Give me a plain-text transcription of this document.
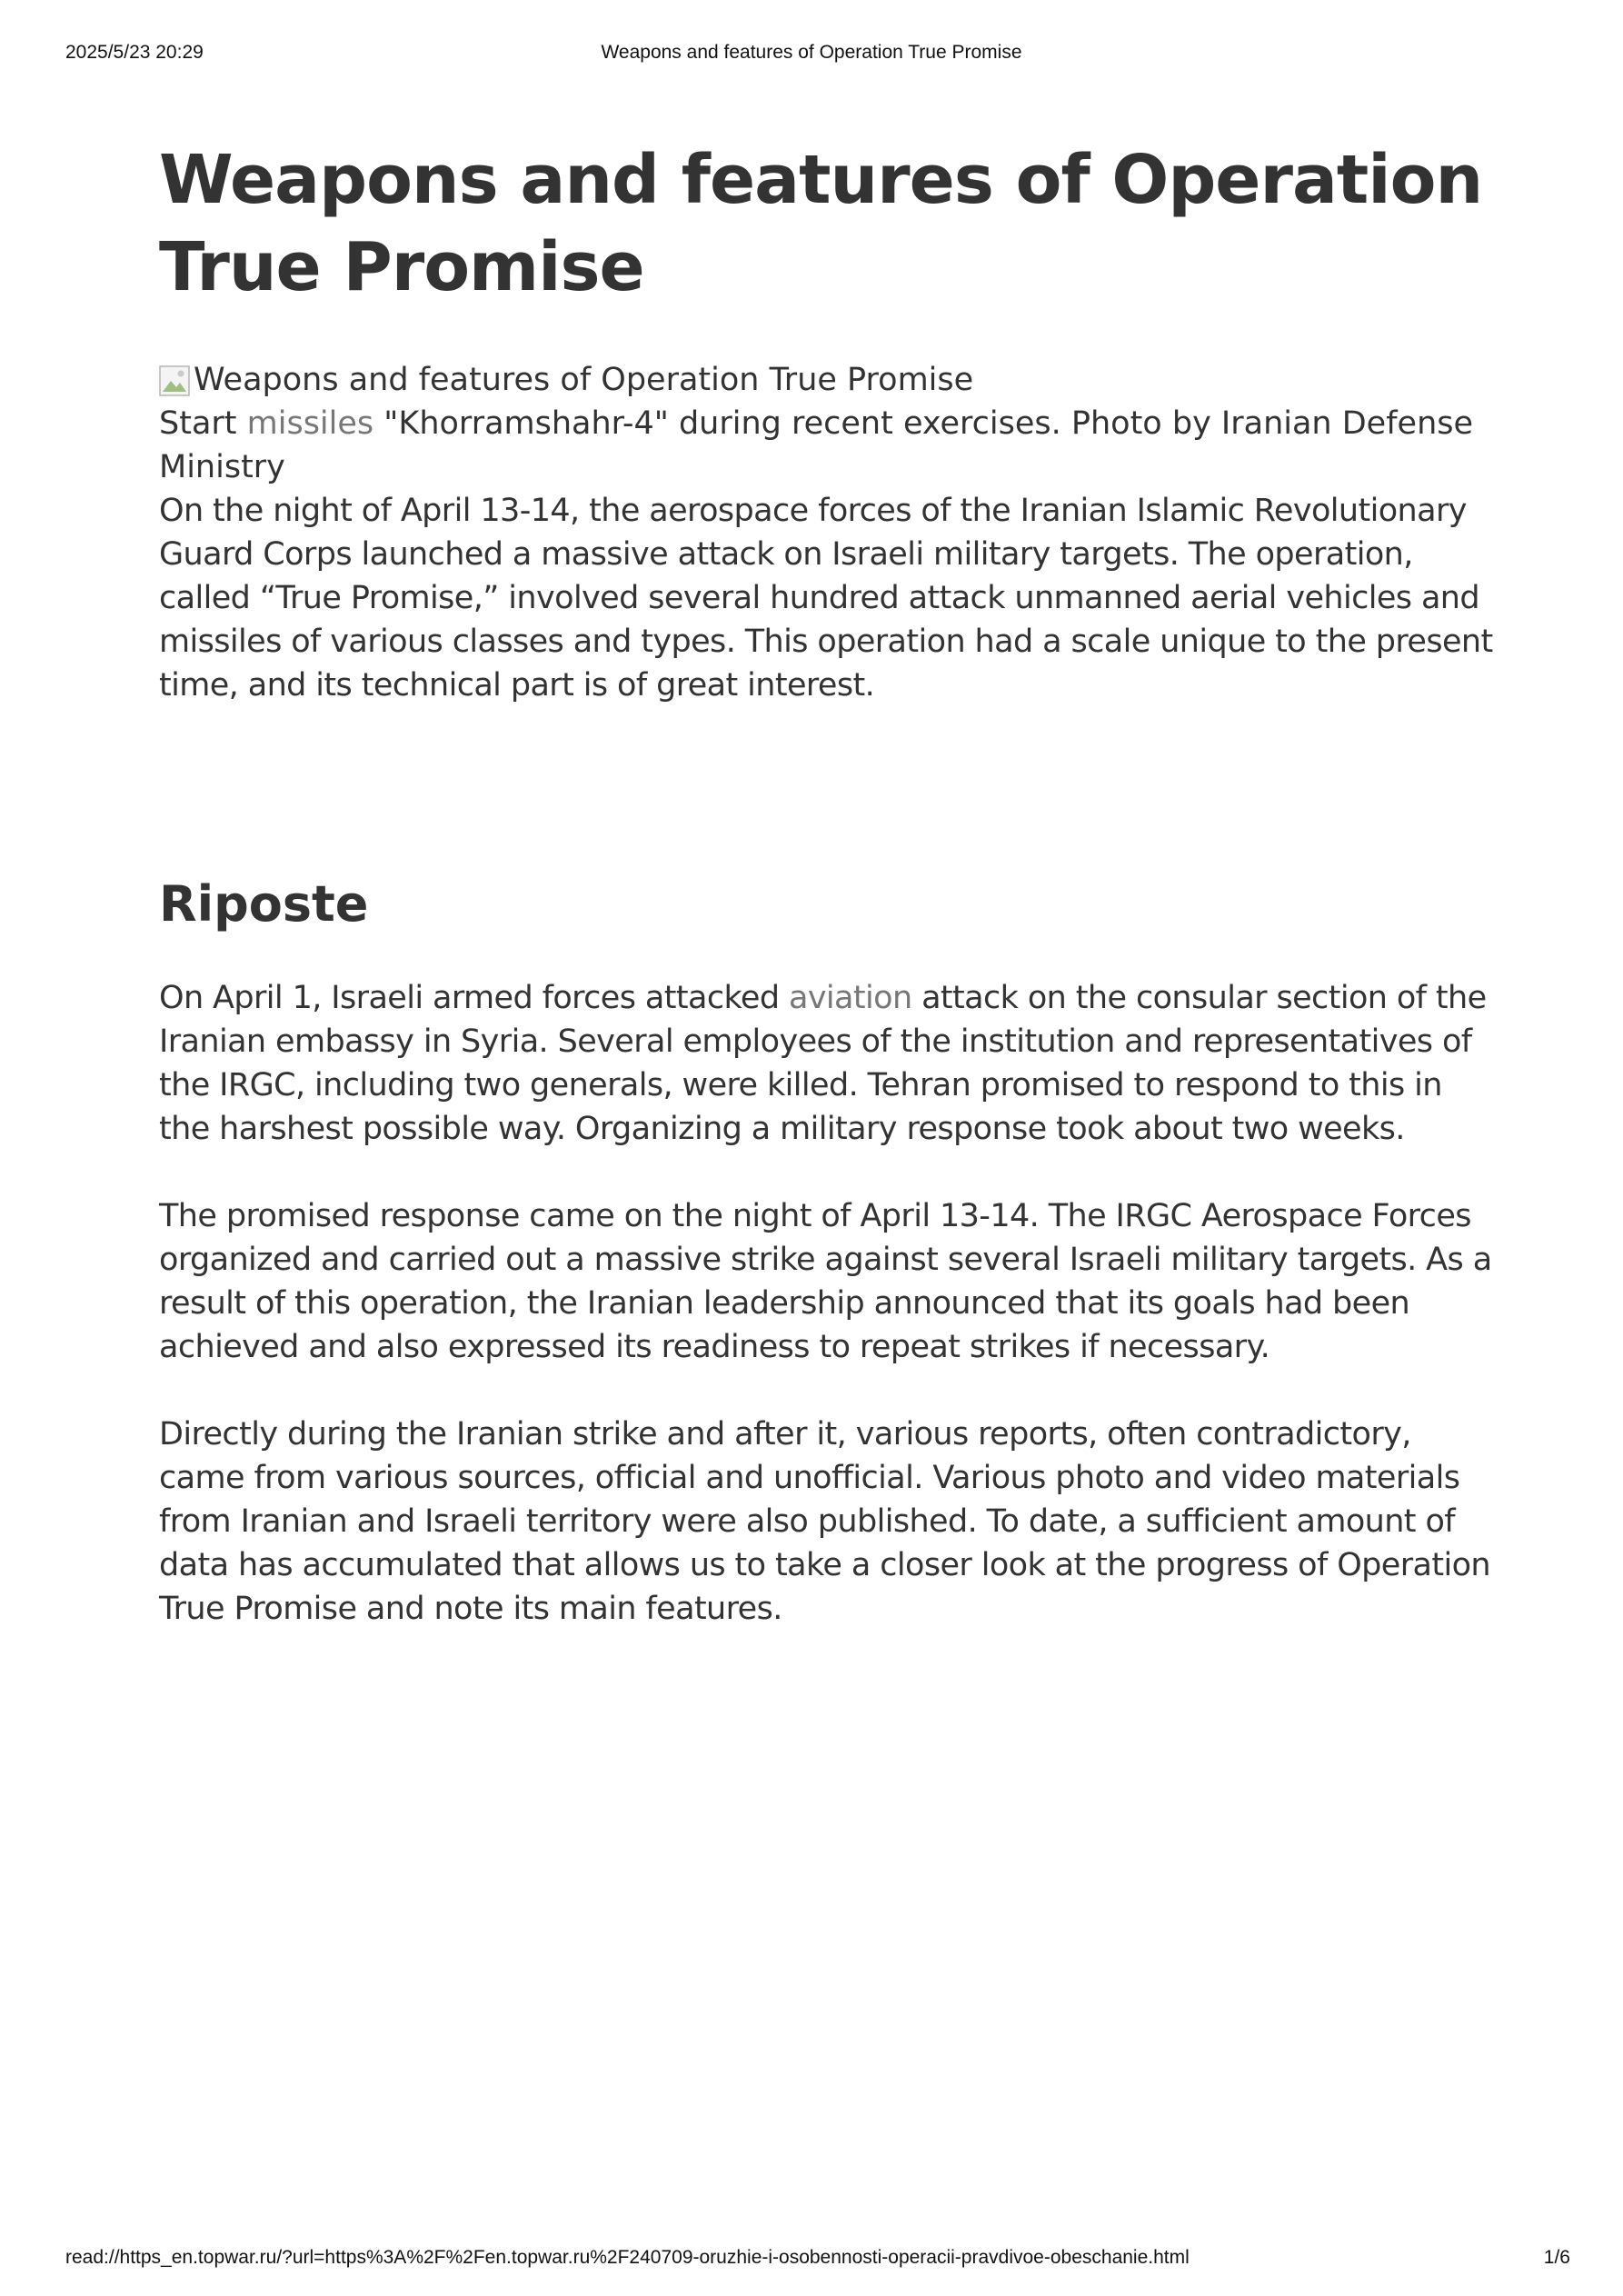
2025/5/23 20:29	Weapons and features of Operation True Promise
Weapons and features of Operation True Promise
Weapons and features of Operation True Promise

Start missiles "Khorramshahr-4" during recent exercises. Photo by Iranian Defense Ministry

On the night of April 13-14, the aerospace forces of the Iranian Islamic Revolutionary Guard Corps launched a massive attack on Israeli military targets. The operation, called “True Promise,” involved several hundred attack unmanned aerial vehicles and missiles of various classes and types. This operation had a scale unique to the present time, and its technical part is of great interest.

Riposte

On April 1, Israeli armed forces attacked aviation attack on the consular section of the Iranian embassy in Syria. Several employees of the institution and representatives of the IRGC, including two generals, were killed. Tehran promised to respond to this in the harshest possible way. Organizing a military response took about two weeks.

The promised response came on the night of April 13-14. The IRGC Aerospace Forces organized and carried out a massive strike against several Israeli military targets. As a result of this operation, the Iranian leadership announced that its goals had been achieved and also expressed its readiness to repeat strikes if necessary.

Directly during the Iranian strike and after it, various reports, often contradictory, came from various sources, official and unofficial. Various photo and video materials from Iranian and Israeli territory were also published. To date, a sufficient amount of data has accumulated that allows us to take a closer look at the progress of Operation True Promise and note its main features.

read://https_en.topwar.ru/?url=https%3A%2F%2Fen.topwar.ru%2F240709-oruzhie-i-osobennosti-operacii-pravdivoe-obeschanie.html	1/6
